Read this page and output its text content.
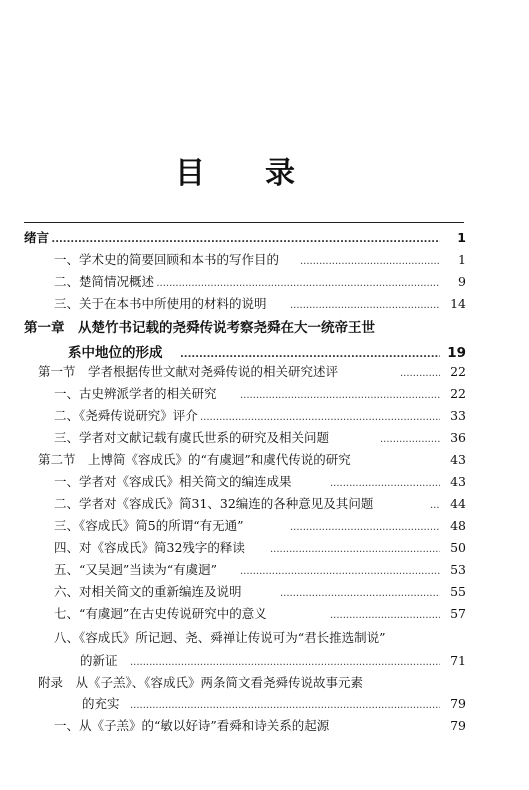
目 录
.....
绪言	1
.....
一、学术史的简要回顾和本书的写作目的	1
.....
二、楚简情况概述	9
.....
三、关于在本书中所使用的材料的说明	14
第一章　从楚竹书记载的尧舜传说考察尧舜在大一统帝王世
.....
系中地位的形成	19
.....
第一节　学者根据传世文献对尧舜传说的相关研究述评	22
.....
一、古史辨派学者的相关研究	22
.....
二、《尧舜传说研究》评介	33
.....
三、学者对文献记载有虞氏世系的研究及相关问题	36
第二节　上博简《容成氏》的“有虞迵”和虞代传说的研究	43
.....
一、学者对《容成氏》相关简文的编连成果	43
.....
二、学者对《容成氏》简31、32编连的各种意见及其问题	44
.....
三、《容成氏》简5的所谓“有无通”	48
.....
四、对《容成氏》简32残字的释读	50
.....
五、“又吴迥”当读为“有虞迥”	53
.....
六、对相关简文的重新编连及说明	55
.....
七、“有虞迵”在古史传说研究中的意义	57
八、《容成氏》所记迵、尧、舜禅让传说可为“君长推选制说”
.....
的新证	71
附录　从《子羔》、《容成氏》两条简文看尧舜传说故事元素
.....
的充实	79
一、从《子羔》的“敏以好诗”看舜和诗关系的起源	79
